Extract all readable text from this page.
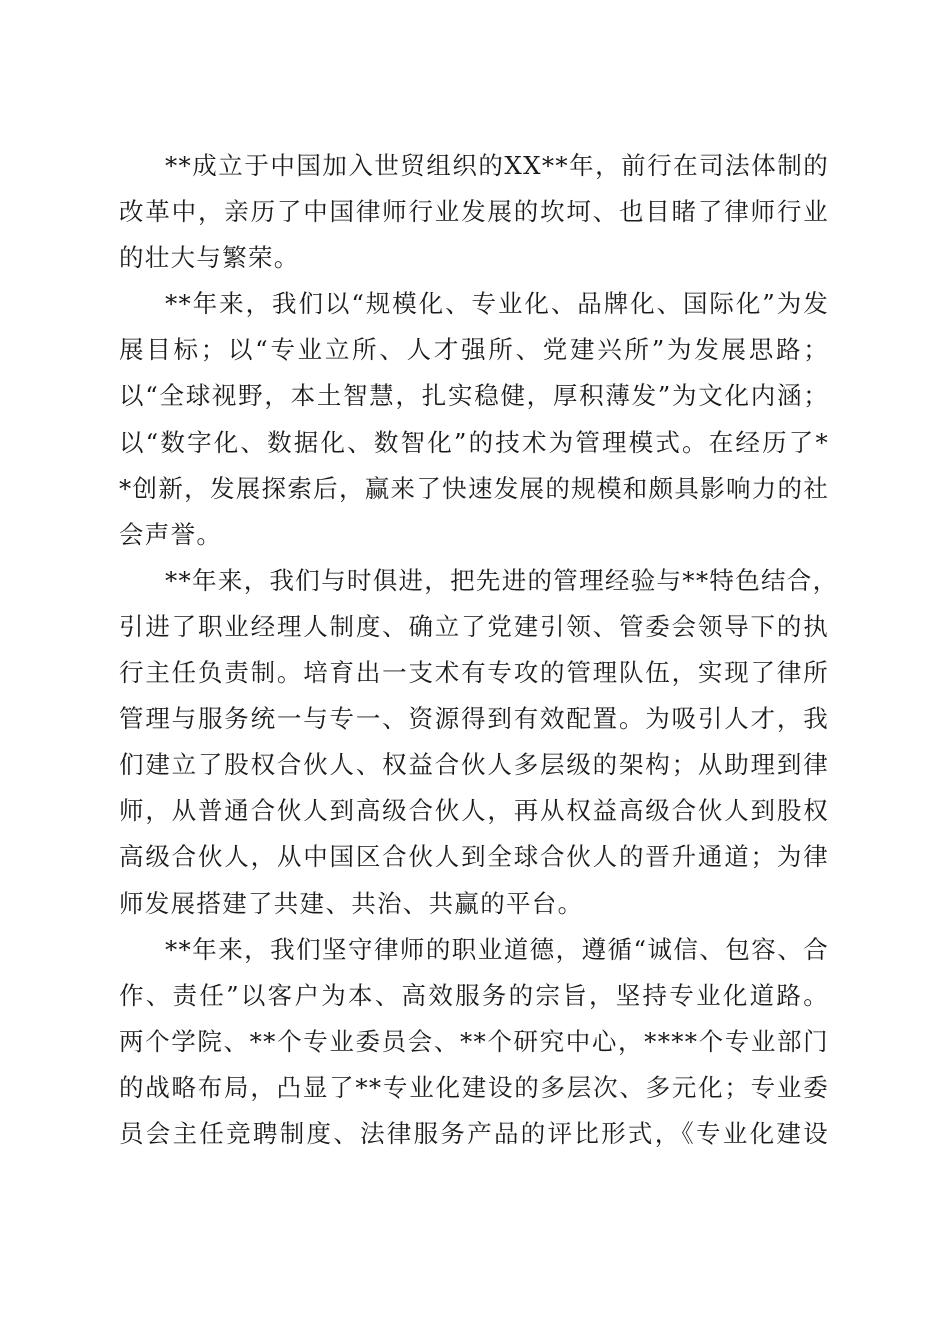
**成立于中国加入世贸组织的XX**年，前行在司法体制的
改革中，亲历了中国律师行业发展的坎坷、也目睹了律师行业
的壮大与繁荣。
**年来，我们以“规模化、专业化、品牌化、国际化”为发
展目标；以“专业立所、人才强所、党建兴所”为发展思路；
以“全球视野，本土智慧，扎实稳健，厚积薄发”为文化内涵；
以“数字化、数据化、数智化”的技术为管理模式。在经历了*
*创新，发展探索后，赢来了快速发展的规模和颇具影响力的社
会声誉。
**年来，我们与时俱进，把先进的管理经验与**特色结合，
引进了职业经理人制度、确立了党建引领、管委会领导下的执
行主任负责制。培育出一支术有专攻的管理队伍，实现了律所
管理与服务统一与专一、资源得到有效配置。为吸引人才，我
们建立了股权合伙人、权益合伙人多层级的架构；从助理到律
师，从普通合伙人到高级合伙人，再从权益高级合伙人到股权
高级合伙人，从中国区合伙人到全球合伙人的晋升通道；为律
师发展搭建了共建、共治、共赢的平台。
**年来，我们坚守律师的职业道德，遵循“诚信、包容、合
作、责任”以客户为本、高效服务的宗旨，坚持专业化道路。
两个学院、**个专业委员会、**个研究中心，****个专业部门
的战略布局，凸显了**专业化建设的多层次、多元化；专业委
员会主任竞聘制度、法律服务产品的评比形式，《专业化建设
